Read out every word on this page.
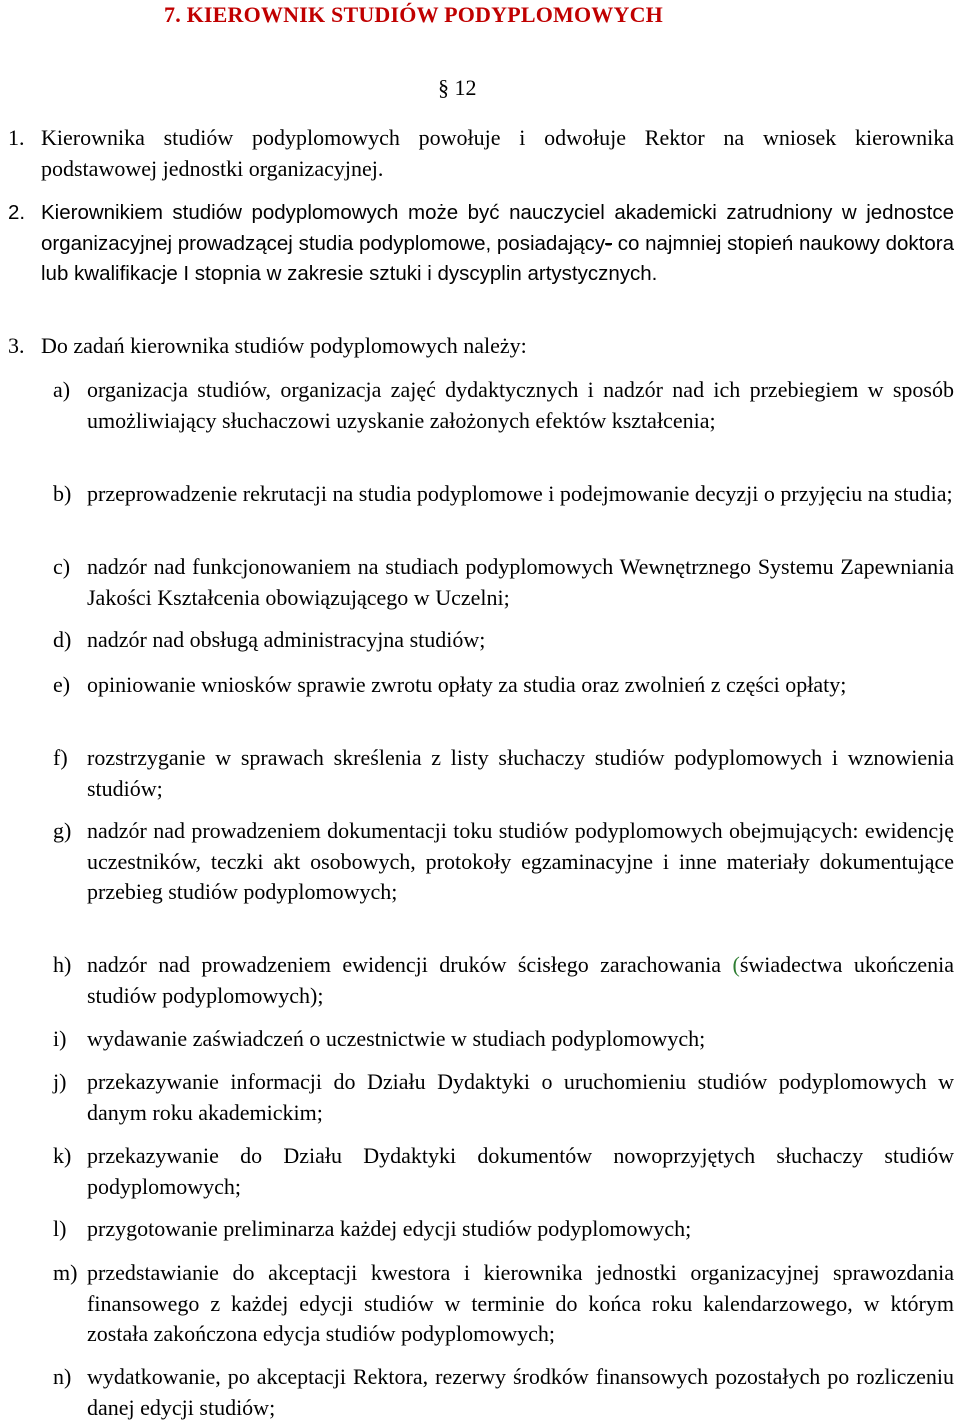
7. KIEROWNIK STUDIÓW PODYPLOMOWYCH
§ 12
1. Kierownika studiów podyplomowych powołuje i odwołuje Rektor na wniosek kierownika podstawowej jednostki organizacyjnej.
2. Kierownikiem studiów podyplomowych może być nauczyciel akademicki zatrudniony w jednostce organizacyjnej prowadzącej studia podyplomowe, posiadający- co najmniej stopień naukowy doktora lub kwalifikacje I stopnia w zakresie sztuki i dyscyplin artystycznych.
3. Do zadań kierownika studiów podyplomowych należy:
a) organizacja studiów, organizacja zajęć dydaktycznych i nadzór nad ich przebiegiem w sposób umożliwiający słuchaczowi uzyskanie założonych efektów kształcenia;
b) przeprowadzenie rekrutacji na studia podyplomowe i podejmowanie decyzji o przyjęciu na studia;
c) nadzór nad funkcjonowaniem na studiach podyplomowych Wewnętrznego Systemu Zapewniania Jakości Kształcenia obowiązującego w Uczelni;
d) nadzór nad obsługą administracyjna studiów;
e) opiniowanie wniosków sprawie zwrotu opłaty za studia oraz zwolnień z części opłaty;
f) rozstrzyganie w sprawach skreślenia z listy słuchaczy studiów podyplomowych i wznowienia studiów;
g) nadzór nad prowadzeniem dokumentacji toku studiów podyplomowych obejmujących: ewidencję uczestników, teczki akt osobowych, protokoły egzaminacyjne i inne materiały dokumentujące przebieg studiów podyplomowych;
h) nadzór nad prowadzeniem ewidencji druków ścisłego zarachowania (świadectwa ukończenia studiów podyplomowych);
i) wydawanie zaświadczeń o uczestnictwie w studiach podyplomowych;
j) przekazywanie informacji do Działu Dydaktyki o uruchomieniu studiów podyplomowych w danym roku akademickim;
k) przekazywanie do Działu Dydaktyki dokumentów nowoprzyjętych słuchaczy studiów podyplomowych;
l) przygotowanie preliminarza każdej edycji studiów podyplomowych;
m) przedstawianie do akceptacji kwestora i kierownika jednostki organizacyjnej sprawozdania finansowego z każdej edycji studiów w terminie do końca roku kalendarzowego, w którym została zakończona edycja studiów podyplomowych;
n) wydatkowanie, po akceptacji Rektora, rezerwy środków finansowych pozostałych po rozliczeniu danej edycji studiów;
